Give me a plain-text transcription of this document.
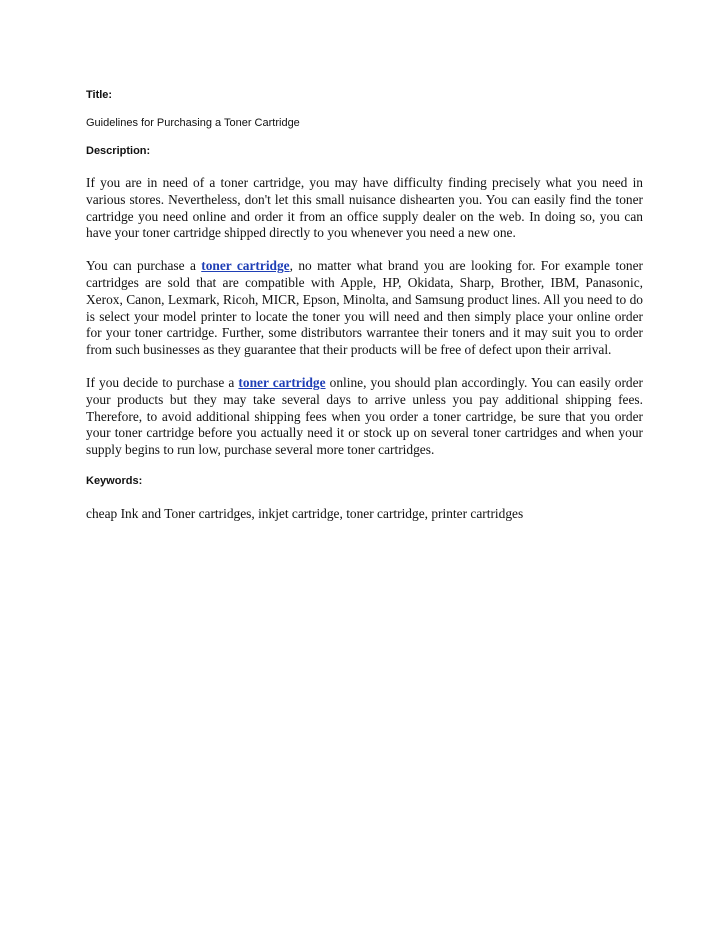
Title:

Guidelines for Purchasing a Toner Cartridge

Description:

If you are in need of a toner cartridge, you may have difficulty finding precisely what you need in various stores. Nevertheless, don't let this small nuisance dishearten you. You can easily find the toner cartridge you need online and order it from an office supply dealer on the web. In doing so, you can have your toner cartridge shipped directly to you whenever you need a new one.

You can purchase a toner cartridge, no matter what brand you are looking for. For example toner cartridges are sold that are compatible with Apple, HP, Okidata, Sharp, Brother, IBM, Panasonic, Xerox, Canon, Lexmark, Ricoh, MICR, Epson, Minolta, and Samsung product lines. All you need to do is select your model printer to locate the toner you will need and then simply place your online order for your toner cartridge. Further, some distributors warrantee their toners and it may suit you to order from such businesses as they guarantee that their products will be free of defect upon their arrival.

If you decide to purchase a toner cartridge online, you should plan accordingly. You can easily order your products but they may take several days to arrive unless you pay additional shipping fees. Therefore, to avoid additional shipping fees when you order a toner cartridge, be sure that you order your toner cartridge before you actually need it or stock up on several toner cartridges and when your supply begins to run low, purchase several more toner cartridges.

Keywords:

cheap Ink and Toner cartridges, inkjet cartridge, toner cartridge, printer cartridges
